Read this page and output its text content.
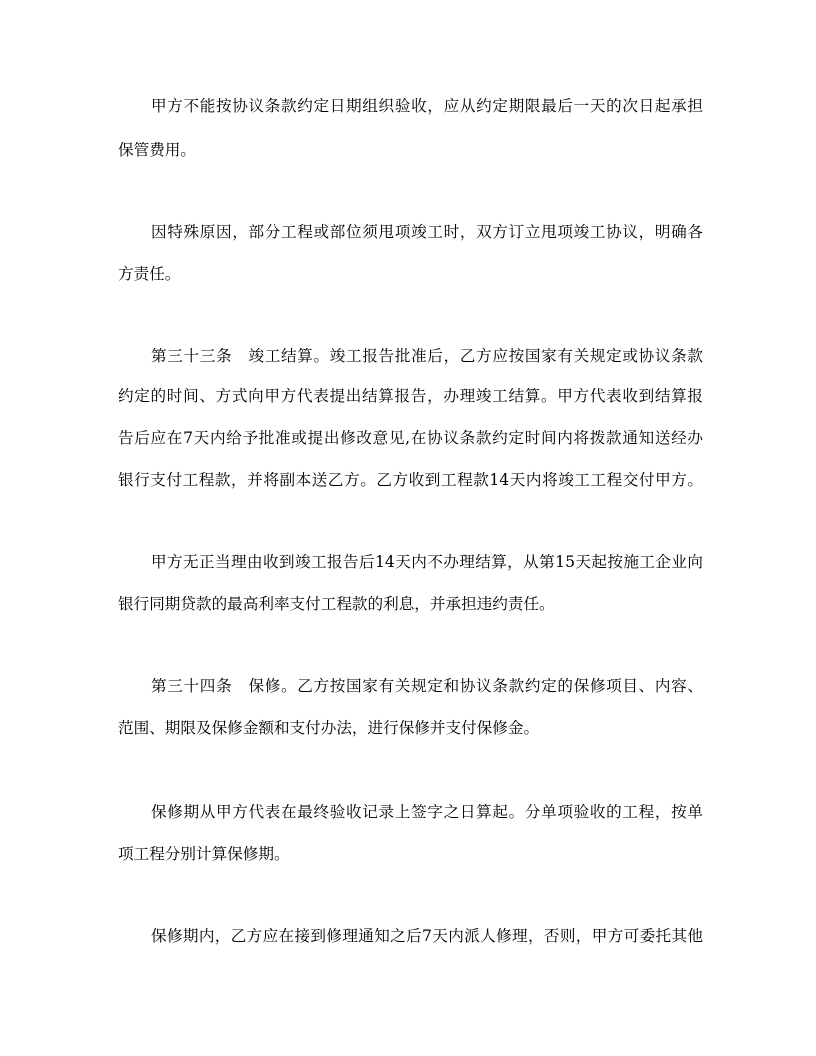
甲方不能按协议条款约定日期组织验收，应从约定期限最后一天的次日起承担
保管费用。
因特殊原因，部分工程或部位须甩项竣工时，双方订立甩项竣工协议，明确各
方责任。
第三十三条　竣工结算。竣工报告批准后，乙方应按国家有关规定或协议条款
约定的时间、方式向甲方代表提出结算报告，办理竣工结算。甲方代表收到结算报
告后应在7天内给予批准或提出修改意见,在协议条款约定时间内将拨款通知送经办
银行支付工程款，并将副本送乙方。乙方收到工程款14天内将竣工工程交付甲方。
甲方无正当理由收到竣工报告后14天内不办理结算，从第15天起按施工企业向
银行同期贷款的最高利率支付工程款的利息，并承担违约责任。
第三十四条　保修。乙方按国家有关规定和协议条款约定的保修项目、内容、
范围、期限及保修金额和支付办法，进行保修并支付保修金。
保修期从甲方代表在最终验收记录上签字之日算起。分单项验收的工程，按单
项工程分别计算保修期。
保修期内，乙方应在接到修理通知之后7天内派人修理，否则，甲方可委托其他
